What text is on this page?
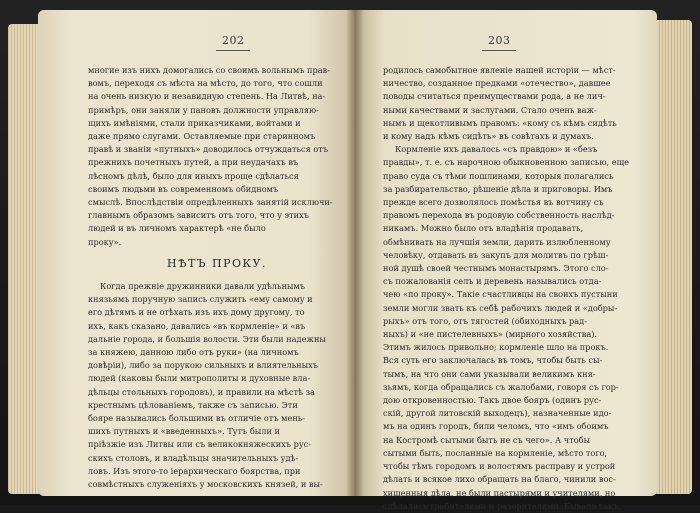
202
многие изъ нихъ домогались со своимъ вольнымъ прав-
вомъ, переходя съ мѣста на мѣсто, до того, что сошли
на очень низкую и незавидную степень. На Литвѣ, на-
примѣръ, они заняли у пановъ должности управляю-
щихъ имѣніями, стали приказчиками, войтами и
даже прямо слугами. Оставляемые при старинномъ
правѣ и званіи «путныхъ» доводилось отчуждаться отъ
прежнихъ почетныхъ путей, а при неудачахъ въ
лѣсномъ дѣлѣ, было для иныхъ проще сдѣлаться
своимъ людьми въ современномъ обидномъ
смыслѣ. Впослѣдствіи опредѣленныхъ занятій исключи-
главнымъ образомъ зависитъ отъ того, что у этихъ
людей и въ личномъ характерѣ «не было
проку».
НѢТЪ ПРОКУ.
Когда прежніе дружинники давали удѣльнымъ
князьямъ поручную запись служить «ему самому и
его дѣтямъ и не отѣхать изъ ихъ дому другому, то
ихъ, какъ сказано, давались «въ кормленіе» и «въ
дальніе города, и большія волости. Эти были надежны
за княжею, данною либо отъ руки» (на личномъ
довѣріи), либо за порукою сильныхъ и влиятельныхъ
людей (каковы были митрополиты и духовные вла-
дѣльцы стольныхъ городовъ), и правили на мѣстѣ за
крестнымъ цѣлованіемъ, также съ записью. Эти
бояре назывались большими въ отличіе отъ мень-
шихъ путныхъ и «введенныхъ». Тутъ были и
пріѣзжіе изъ Литвы или съ великокняжескихъ рус-
скихъ столовъ, и владѣльцы значительныхъ удѣ-
ловъ. Изъ этого-то іерархическаго боярства, при
совмѣстныхъ служеніяхъ у московскихъ князей, и вы-
203
родилось самобытное явленіе нашей исторіи — мѣст-
ничество, созданное предками «отечество», давшее
поводы считаться преимуществами рода, а не лич-
ными качествами и заслугами. Стало очень важ-
нымъ и щекотливымъ правомъ: «кому съ кѣмъ сидѣть
и кому надъ кѣмъ сидѣть» въ совѣтахъ и думахъ.
Кормленіе ихъ давалось «съ правдою» и «безъ
правды», т. е. съ нарочною обыкновенною записью, еще
право суда съ тѣми пошлинами, которыя полагались
за разбирательство, рѣшеніе дѣла и приговоры. Имъ
прежде всего дозволялось помѣстья въ вотчину съ
правомъ перехода въ родовую собственность наслѣд-
никамъ. Можно было отъ владѣнія продавать,
обмѣнивать на лучшія земли, дарить излюбленному
человѣку, отдавать въ закупъ для молитвъ по грѣш-
ной душѣ своей честнымъ монастырямъ. Этого сло-
съ пожалованія селъ и деревень назывались отда-
чею «по проку». Такіе счастливцы на своихъ пустыни
земли могли звать къ себѣ рабочихъ людей и «добры-
рыхъ» отъ того, отъ тягостей (обиходныхъ рад-
ныхъ) и «не пистелевныхъ» (мирного хозяйства).
Этимъ жилось привольно; кормленіе шло на прокъ.
Вся суть его заключалась въ томъ, чтобы быть сы-
тымъ, на что они сами указывали великимъ кня-
зьямъ, когда обращались съ жалобами, говоря съ гор-
дою откровенностью. Такъ двое бояръ (одинъ рус-
скій, другой литовскій выходецъ), назначенные идо-
мъ на одинъ городъ, били челомъ, что «имъ обоимъ
на Костромѣ сытыми быть не съ чего». А чтобы
сытыми быть, посланные на кормленіе, мѣсто того,
чтобы тѣмъ городомъ и волостямъ расправу и устрой
дѣлать и всякое лихо обращать на благо, чинили вос-
хищенныя дѣла, не были пастырями и учителями, но
сдѣлались грабителями и разорителями. Бывало такъ,
